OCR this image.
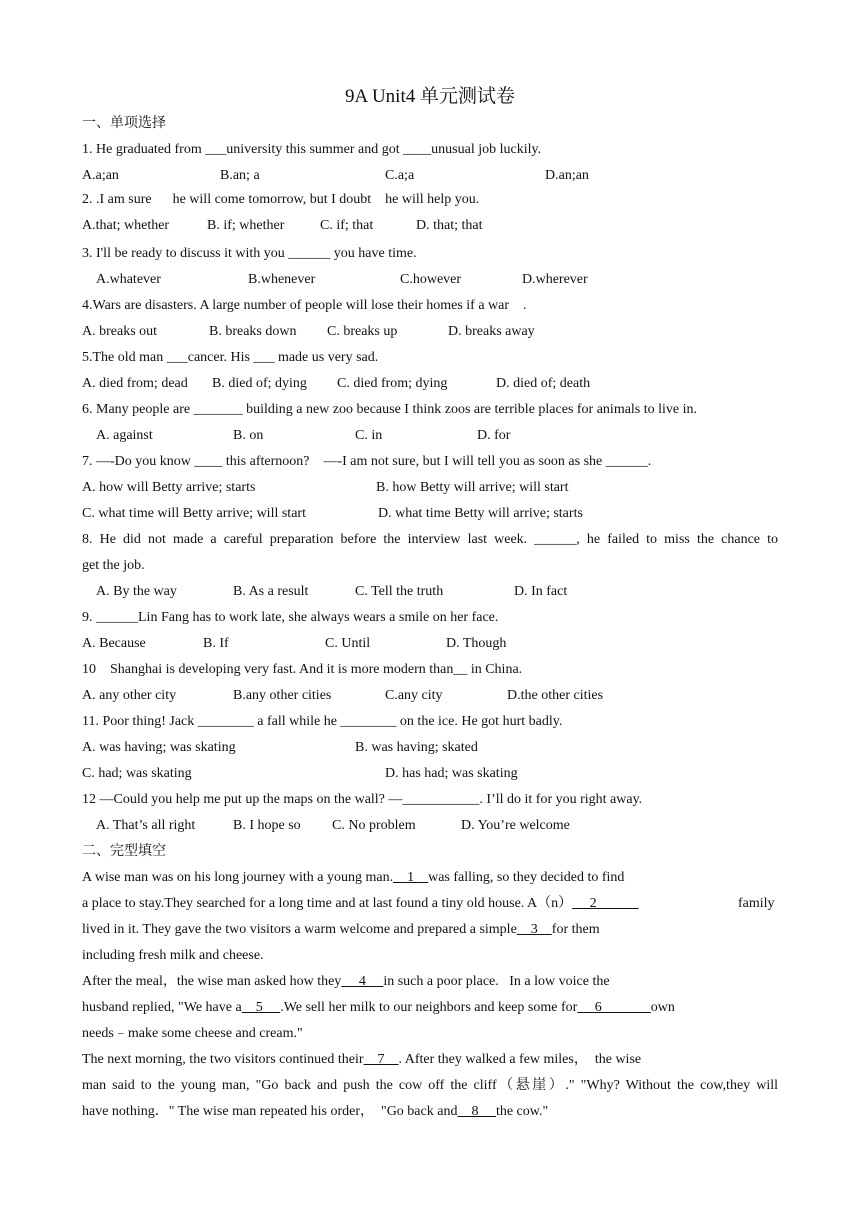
9A Unit4 单元测试卷
一、单项选择
1. He graduated from ___university this summer and got ____unusual job luckily.
A.a;an	B.an; a	C.a;a	D.an;an
2. .I am sure      he will come tomorrow, but I doubt    he will help you.
A.that; whether	B. if; whether	C. if; that	D. that; that
3. I'll be ready to discuss it with you ______ you have time.
A.whatever	B.whenever	C.however	D.wherever
4.Wars are disasters. A large number of people will lose their homes if a war    .
A. breaks out	B. breaks down C. breaks up	D. breaks away
5.The old man ___cancer. His ___ made us very sad.
A. died from; dead B. died of; dying C. died from; dying	D. died of; death
6. Many people are _______ building a new zoo because I think zoos are terrible places for animals to live in.
A. against	B. on	C. in	D. for
7. —-Do you know ____ this afternoon?    —-I am not sure, but I will tell you as soon as she ______.
A. how will Betty arrive; starts	B. how Betty will arrive; will start
C. what time will Betty arrive; will start	D. what time Betty will arrive; starts
8. He did not made a careful preparation before the interview last week. ______, he failed to miss the chance to
get the job.
A. By the way	B. As a result	C. Tell the truth	D. In fact
9. ______Lin Fang has to work late, she always wears a smile on her face.
A. Because	B. If	C. Until	D. Though
10    Shanghai is developing very fast. And it is more modern than__ in China.
A. any other city	B.any other cities	C.any city	D.the other cities
11. Poor thing! Jack ________ a fall while he ________ on the ice. He got hurt badly.
A. was having; was skating	B. was having; skated
C. had; was skating	D. has had; was skating
12 —Could you help me put up the maps on the wall? —___________. I’ll do it for you right away.
A. That’s all right	B. I hope so C. No problem	D. You’re welcome
二、完型填空
A wise man was on his long journey with a young man.    1    was falling, so they decided to find
a place to stay.They searched for a long time and at last found a tiny old house. A（n）     2	family
lived in it. They gave the two visitors a warm welcome and prepared a simple    3    for them
including fresh milk and cheese.
After the meal，the wise man asked how they     4     in such a poor place.   In a low voice the
husband replied, "We have a    5     .We sell her milk to our neighbors and keep some for     6              own
needs﹣make some cheese and cream."
The next morning, the two visitors continued their    7    . After they walked a few miles，  the wise
man said to the young man, "Go back and push the cow off the cliff（悬崖）." "Why? Without the cow,they will
have nothing．" The wise man repeated his order，  "Go back and    8     the cow."
